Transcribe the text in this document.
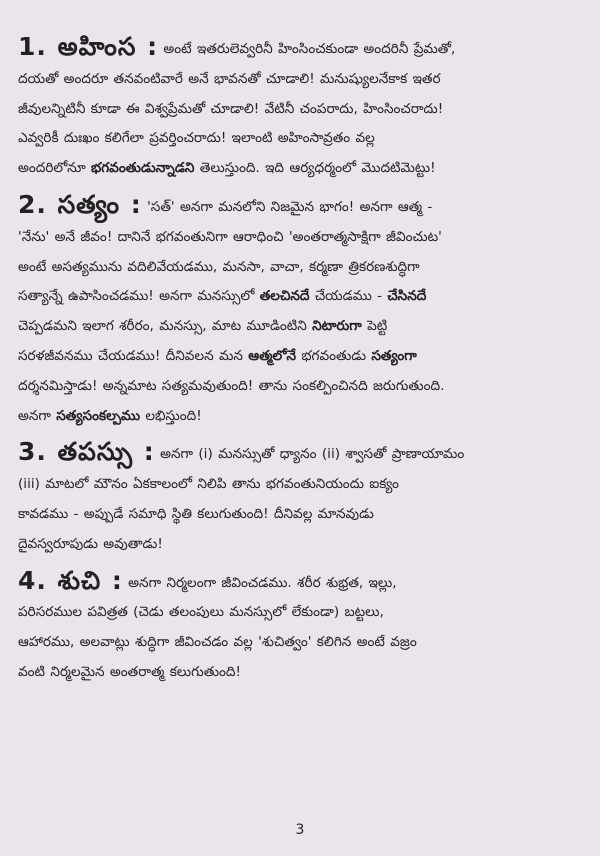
1. అహింస : అంటే ఇతరులెవ్వరినీ హింసించకుండా అందరినీ ప్రేమతో,
దయతో అందరూ తనవంటివారే అనే భావనతో చూడాలి! మనుష్యులనేకాక ఇతర
జీవులన్నిటినీ కూడా ఈ విశ్వప్రేమతో చూడాలి! వేటినీ చంపరాదు, హింసించరాదు!
ఎవ్వరికీ దుఃఖం కలిగేలా ప్రవర్తించరాదు! ఇలాంటి అహింసావ్రతం వల్ల
అందరిలోనూ భగవంతుడున్నాడని తెలుస్తుంది. ఇది ఆర్యధర్మంలో మొదటిమెట్టు!

2. సత్యం : 'సత్' అనగా మనలోని నిజమైన భాగం! అనగా ఆత్మ -
'నేను' అనే జీవం! దానినే భగవంతునిగా ఆరాధించి 'అంతరాత్మసాక్షిగా జీవించుట'
అంటే అసత్యమును వదిలివేయడము, మనసా, వాచా, కర్మణా త్రికరణశుద్ధిగా
సత్యాన్నే ఉపాసించడము! అనగా మనస్సులో తలచినదే చేయడము - చేసినదే
చెప్పడమని ఇలాగ శరీరం, మనస్సు, మాట మూడింటిని నిటారుగా పెట్టి
సరళజీవనము చేయడము! దీనివలన మన ఆత్మలోనే భగవంతుడు సత్యంగా
దర్శనమిస్తాడు! అన్నమాట సత్యమవుతుంది! తాను సంకల్పించినది జరుగుతుంది.
అనగా సత్యసంకల్పము లభిస్తుంది!

3. తపస్సు : అనగా (i) మనస్సుతో ధ్యానం (ii) శ్వాసతో ప్రాణాయామం
(iii) మాటలో మౌనం ఏకకాలంలో నిలిపి తాను భగవంతునియందు ఐక్యం
కావడము - అప్పుడే సమాధి స్థితి కలుగుతుంది! దీనివల్ల మానవుడు
దైవస్వరూపుడు అవుతాడు!

4. శుచి : అనగా నిర్మలంగా జీవించడము. శరీర శుభ్రత, ఇల్లు,
పరిసరముల పవిత్రత (చెడు తలంపులు మనస్సులో లేకుండా) బట్టలు,
ఆహారము, అలవాట్లు శుద్ధిగా జీవించడం వల్ల 'శుచిత్వం' కలిగిన అంటే వజ్రం
వంటి నిర్మలమైన అంతరాత్మ కలుగుతుంది!

3
